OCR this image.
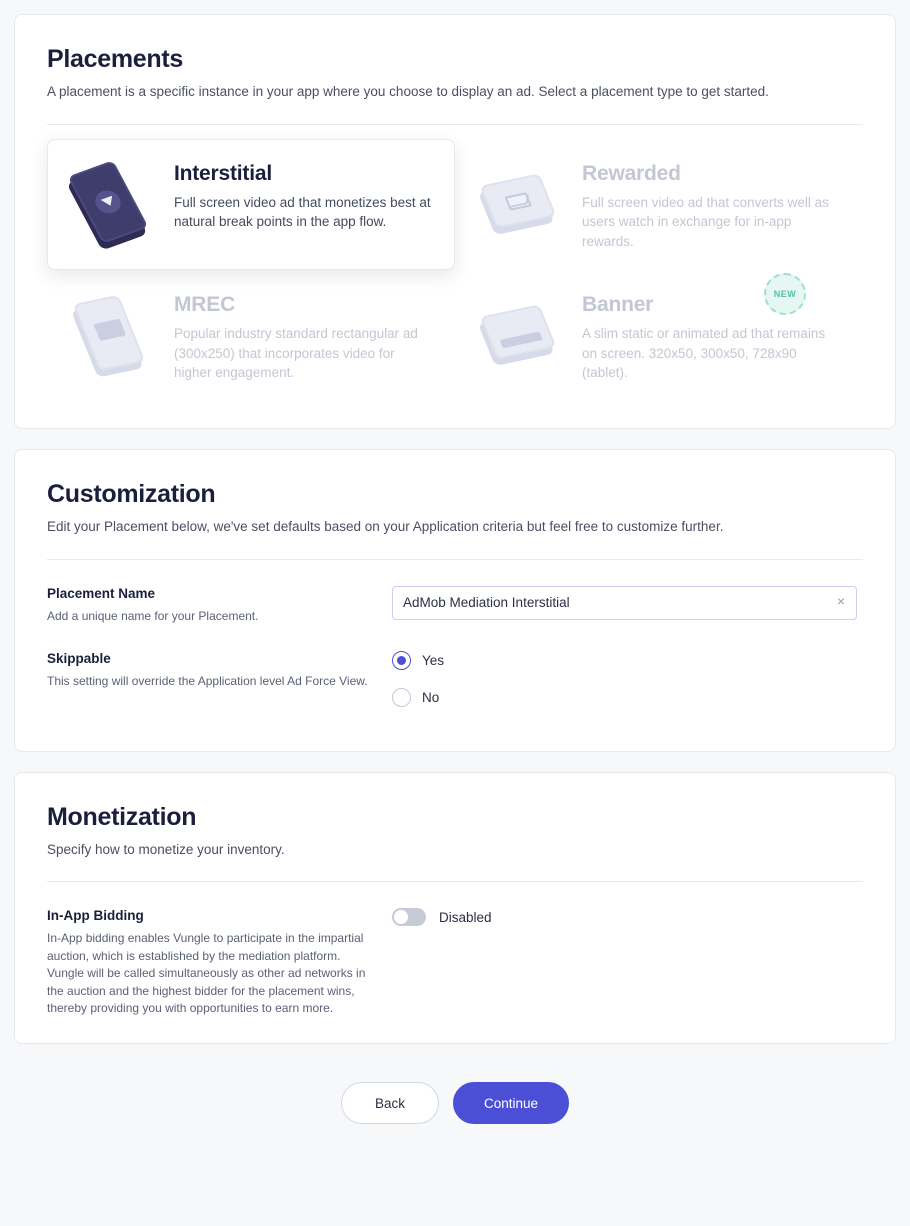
Placements

A placement is a specific instance in your app where you choose to display an ad. Select a placement type to get started.

Interstitial

Full screen video ad that monetizes best at natural break points in the app flow.

Rewarded

Full screen video ad that converts well as users watch in exchange for in-app rewards.

MREC

Popular industry standard rectangular ad (300x250) that incorporates video for higher engagement.

Banner

A slim static or animated ad that remains on screen. 320x50, 300x50, 728x90 (tablet).

NEW
Customization

Edit your Placement below, we've set defaults based on your Application criteria but feel free to customize further.

Placement Name

Add a unique name for your Placement.

AdMob Mediation Interstitial
×

Skippable

This setting will override the Application level Ad Force View.

Yes
No
Monetization

Specify how to monetize your inventory.

In-App Bidding

In-App bidding enables Vungle to participate in the impartial auction, which is established by the mediation platform. Vungle will be called simultaneously as other ad networks in the auction and the highest bidder for the placement wins, thereby providing you with opportunities to earn more.

Disabled
Back	Continue
